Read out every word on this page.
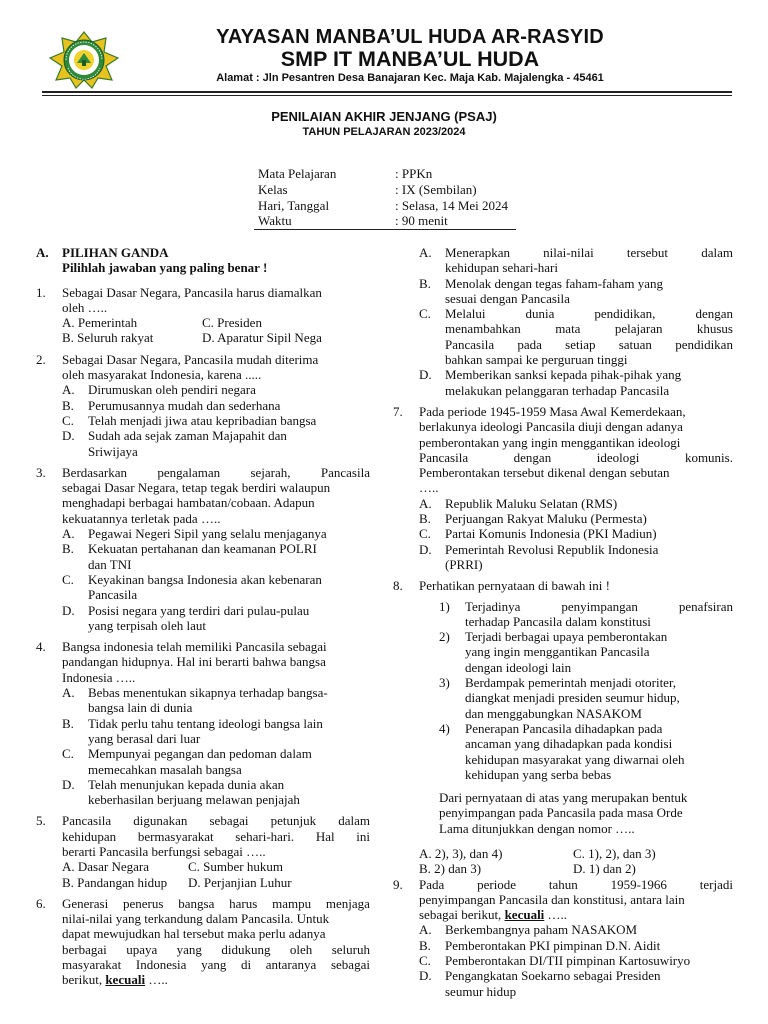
YAYASAN MANBA’UL HUDA AR-RASYID
SMP IT MANBA’UL HUDA
Alamat : Jln Pesantren Desa Banajaran Kec. Maja Kab. Majalengka - 45461
PENILAIAN AKHIR JENJANG (PSAJ)
TAHUN PELAJARAN 2023/2024
Mata Pelajaran	: PPKn
Kelas	: IX (Sembilan)
Hari, Tanggal	: Selasa, 14 Mei 2024
Waktu	: 90 menit
A. PILIHAN GANDA
Pilihlah jawaban yang paling benar !
1.	Sebagai Dasar Negara, Pancasila harus diamalkan
oleh …..
A. Pemerintah	C. Presiden
B. Seluruh rakyat	D. Aparatur Sipil Nega
2.	Sebagai Dasar Negara, Pancasila mudah diterima
oleh masyarakat Indonesia, karena .....
A.	Dirumuskan oleh pendiri negara
B.	Perumusannya mudah dan sederhana
C.	Telah menjadi jiwa atau kepribadian bangsa
D.	Sudah ada sejak zaman Majapahit dan
Sriwijaya
3. Berdasarkan pengalaman sejarah, Pancasila
sebagai Dasar Negara, tetap tegak berdiri walaupun
menghadapi berbagai hambatan/cobaan. Adapun
kekuatannya terletak pada …..
A.	Pegawai Negeri Sipil yang selalu menjaganya
B.	Kekuatan pertahanan dan keamanan POLRI
dan TNI
C.	Keyakinan bangsa Indonesia akan kebenaran
Pancasila
D.	Posisi negara yang terdiri dari pulau-pulau
yang terpisah oleh laut
4.	Bangsa indonesia telah memiliki Pancasila sebagai
pandangan hidupnya. Hal ini berarti bahwa bangsa
Indonesia …..
A.	Bebas menentukan sikapnya terhadap bangsa-
bangsa lain di dunia
B.	Tidak perlu tahu tentang ideologi bangsa lain
yang berasal dari luar
C.	Mempunyai pegangan dan pedoman dalam
memecahkan masalah bangsa
D.	Telah menunjukan kepada dunia akan
keberhasilan berjuang melawan penjajah
5. Pancasila digunakan sebagai petunjuk dalam
kehidupan bermasyarakat sehari-hari. Hal ini
berarti Pancasila berfungsi sebagai …..
A. Dasar Negara	C. Sumber hukum
B. Pandangan hidup D. Perjanjian Luhur
6. Generasi penerus bangsa harus mampu menjaga
nilai-nilai yang terkandung dalam Pancasila. Untuk
dapat mewujudkan hal tersebut maka perlu adanya
berbagai upaya yang didukung oleh seluruh
masyarakat Indonesia yang di antaranya sebagai
berikut, kecuali …..
A. Menerapkan	nilai-nilai	tersebut	dalam
kehidupan sehari-hari
B.	Menolak dengan tegas faham-faham yang
sesuai dengan Pancasila
C. Melalui	dunia	pendidikan,	dengan
menambahkan	mata	pelajaran	khusus
Pancasila pada setiap satuan pendidikan
bahkan sampai ke perguruan tinggi
D.	Memberikan sanksi kepada pihak-pihak yang
melakukan pelanggaran terhadap Pancasila
7.	Pada periode 1945-1959 Masa Awal Kemerdekaan,
berlakunya ideologi Pancasila diuji dengan adanya
pemberontakan yang ingin menggantikan ideologi
Pancasila	dengan	ideologi	komunis.
Pemberontakan tersebut dikenal dengan sebutan
…..
A.	Republik Maluku Selatan (RMS)
B.	Perjuangan Rakyat Maluku (Permesta)
C.	Partai Komunis Indonesia (PKI Madiun)
D.	Pemerintah Revolusi Republik Indonesia
(PRRI)
8.	Perhatikan pernyataan di bawah ini !
1) Terjadinya	penyimpangan	penafsiran
terhadap Pancasila dalam konstitusi
2)	Terjadi berbagai upaya pemberontakan
yang ingin menggantikan Pancasila
dengan ideologi lain
3)	Berdampak pemerintah menjadi otoriter,
diangkat menjadi presiden seumur hidup,
dan menggabungkan NASAKOM
4)	Penerapan Pancasila dihadapkan pada
ancaman yang dihadapkan pada kondisi
kehidupan masyarakat yang diwarnai oleh
kehidupan yang serba bebas
Dari pernyataan di atas yang merupakan bentuk
penyimpangan pada Pancasila pada masa Orde
Lama ditunjukkan dengan nomor …..
A. 2), 3), dan 4)	C. 1), 2), dan 3)
B. 2) dan 3)	D. 1) dan 2)
9. Pada	periode	tahun	1959-1966	terjadi
penyimpangan Pancasila dan konstitusi, antara lain
sebagai berikut, kecuali …..
A.	Berkembangnya paham NASAKOM
B.	Pemberontakan PKI pimpinan D.N. Aidit
C.	Pemberontakan DI/TII pimpinan Kartosuwiryo
D.	Pengangkatan Soekarno sebagai Presiden
seumur hidup
